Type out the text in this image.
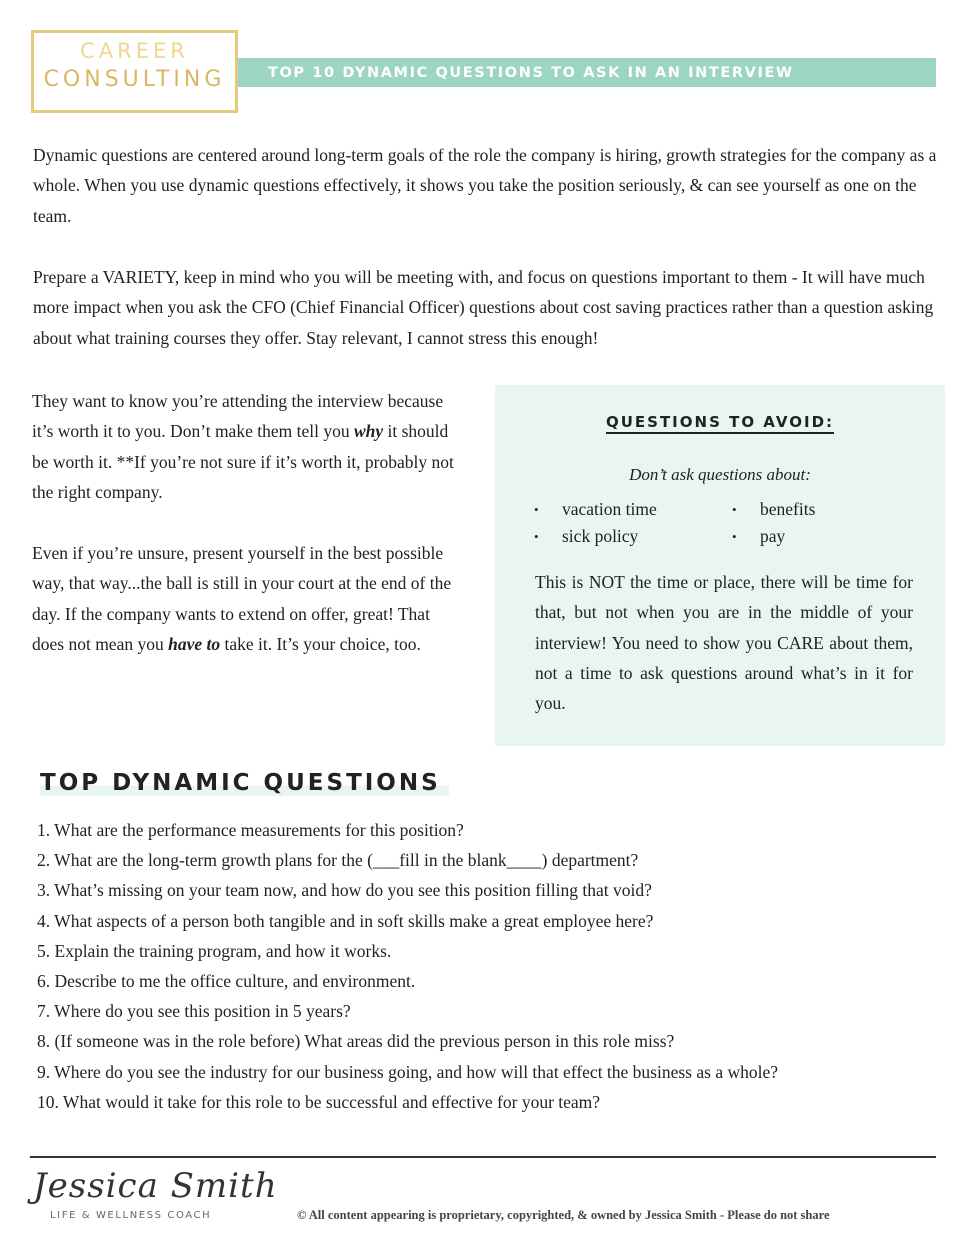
CAREER
CONSULTING	TOP 10 DYNAMIC QUESTIONS TO ASK IN AN INTERVIEW

Dynamic questions are centered around long-term goals of the role the company is hiring, growth strategies for the company as a whole. When you use dynamic questions effectively, it shows you take the position seriously, & can see yourself as one on the team.

Prepare a VARIETY, keep in mind who you will be meeting with, and focus on questions important to them - It will have much more impact when you ask the CFO (Chief Financial Officer) questions about cost saving practices rather than a question asking about what training courses they offer. Stay relevant, I cannot stress this enough!

They want to know you’re attending the interview because it’s worth it to you. Don’t make them tell you why it should be worth it. **If you’re not sure if it’s worth it, probably not the right company.

Even if you’re unsure, present yourself in the best possible way, that way...the ball is still in your court at the end of the day. If the company wants to extend on offer, great! That does not mean you have to take it. It’s your choice, too.

QUESTIONS TO AVOID:
Don’t ask questions about:
• vacation time	• benefits
• sick policy	• pay

This is NOT the time or place, there will be time for that, but not when you are in the middle of your interview! You need to show you CARE about them, not a time to ask questions around what’s in it for you.

TOP DYNAMIC QUESTIONS
1. What are the performance measurements for this position?
2. What are the long-term growth plans for the (___fill in the blank____) department?
3. What’s missing on your team now, and how do you see this position filling that void?
4. What aspects of a person both tangible and in soft skills make a great employee here?
5. Explain the training program, and how it works.
6. Describe to me the office culture, and environment.
7. Where do you see this position in 5 years?
8. (If someone was in the role before) What areas did the previous person in this role miss?
9. Where do you see the industry for our business going, and how will that effect the business as a whole?
10. What would it take for this role to be successful and effective for your team?
Jessica Smith
LIFE & WELLNESS COACH	© All content appearing is proprietary, copyrighted, & owned by Jessica Smith - Please do not share
